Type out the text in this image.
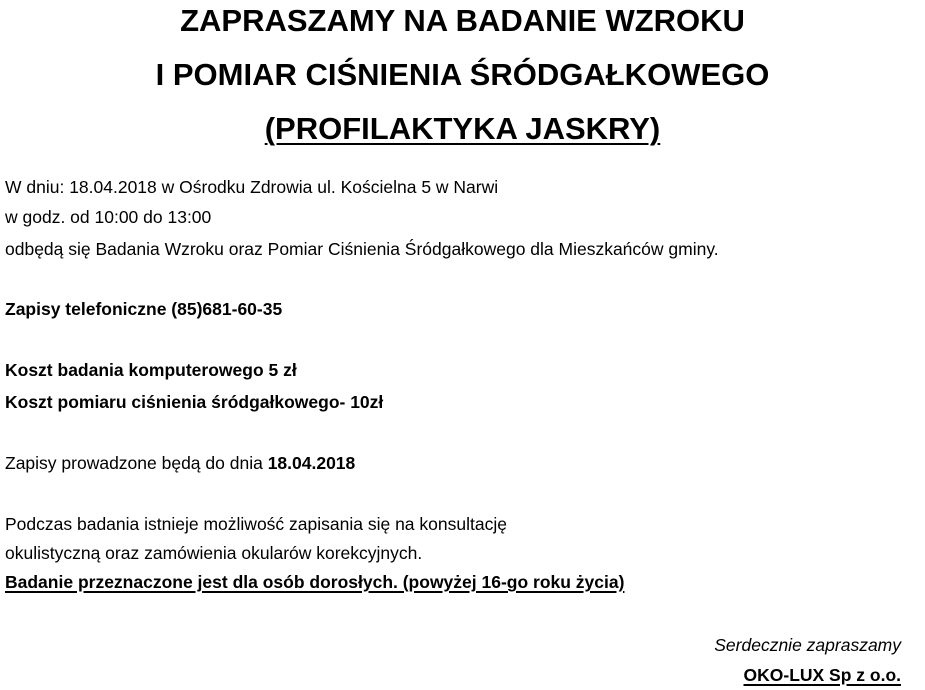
ZAPRASZAMY NA BADANIE WZROKU
I POMIAR CIŚNIENIA ŚRÓDGAŁKOWEGO
(PROFILAKTYKA JASKRY)
W dniu: 18.04.2018 w Ośrodku Zdrowia ul. Kościelna 5 w Narwi
w godz. od 10:00 do 13:00
odbędą się Badania Wzroku oraz Pomiar Ciśnienia Śródgałkowego dla Mieszkańców gminy.
Zapisy telefoniczne (85)681-60-35
Koszt badania komputerowego 5 zł
Koszt pomiaru ciśnienia śródgałkowego- 10zł
Zapisy prowadzone będą do dnia 18.04.2018
Podczas badania istnieje możliwość zapisania się na konsultację
okulistyczną oraz zamówienia okularów korekcyjnych.
Badanie przeznaczone jest dla osób dorosłych. (powyżej 16-go roku życia)
Serdecznie zapraszamy
OKO-LUX Sp z o.o.
